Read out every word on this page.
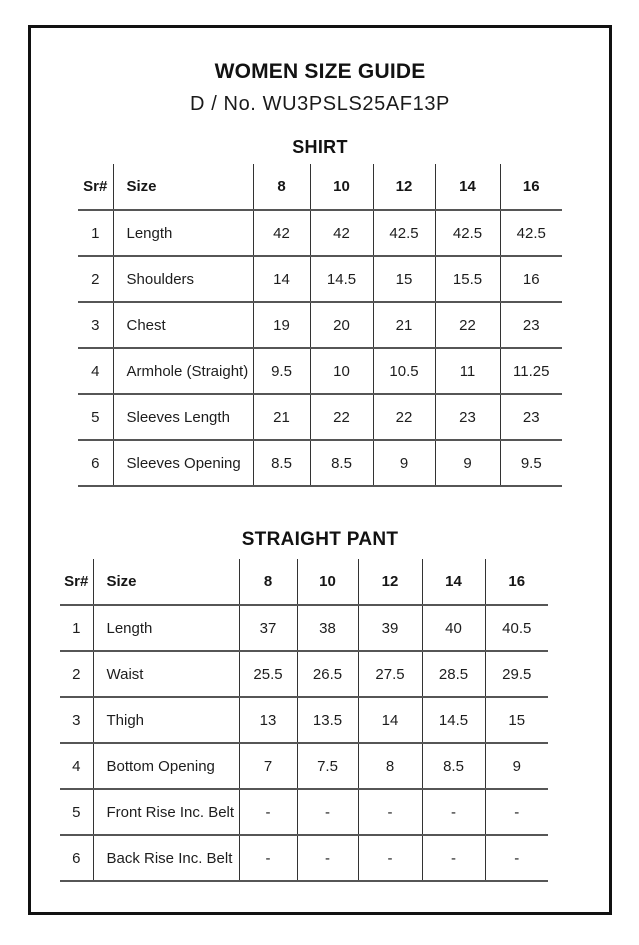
WOMEN SIZE GUIDE
D / No. WU3PSLS25AF13P
SHIRT
Sr#	Size	8	10	12	14	16
1	Length	42	42	42.5	42.5	42.5
2	Shoulders	14	14.5	15	15.5	16
3	Chest	19	20	21	22	23
4	Armhole (Straight)	9.5	10	10.5	11	11.25
5	Sleeves Length	21	22	22	23	23
6	Sleeves Opening	8.5	8.5	9	9	9.5
STRAIGHT PANT
Sr#	Size	8	10	12	14	16
1	Length	37	38	39	40	40.5
2	Waist	25.5	26.5	27.5	28.5	29.5
3	Thigh	13	13.5	14	14.5	15
4	Bottom Opening	7	7.5	8	8.5	9
5	Front Rise Inc. Belt	-	-	-	-	-
6	Back Rise Inc. Belt	-	-	-	-	-
